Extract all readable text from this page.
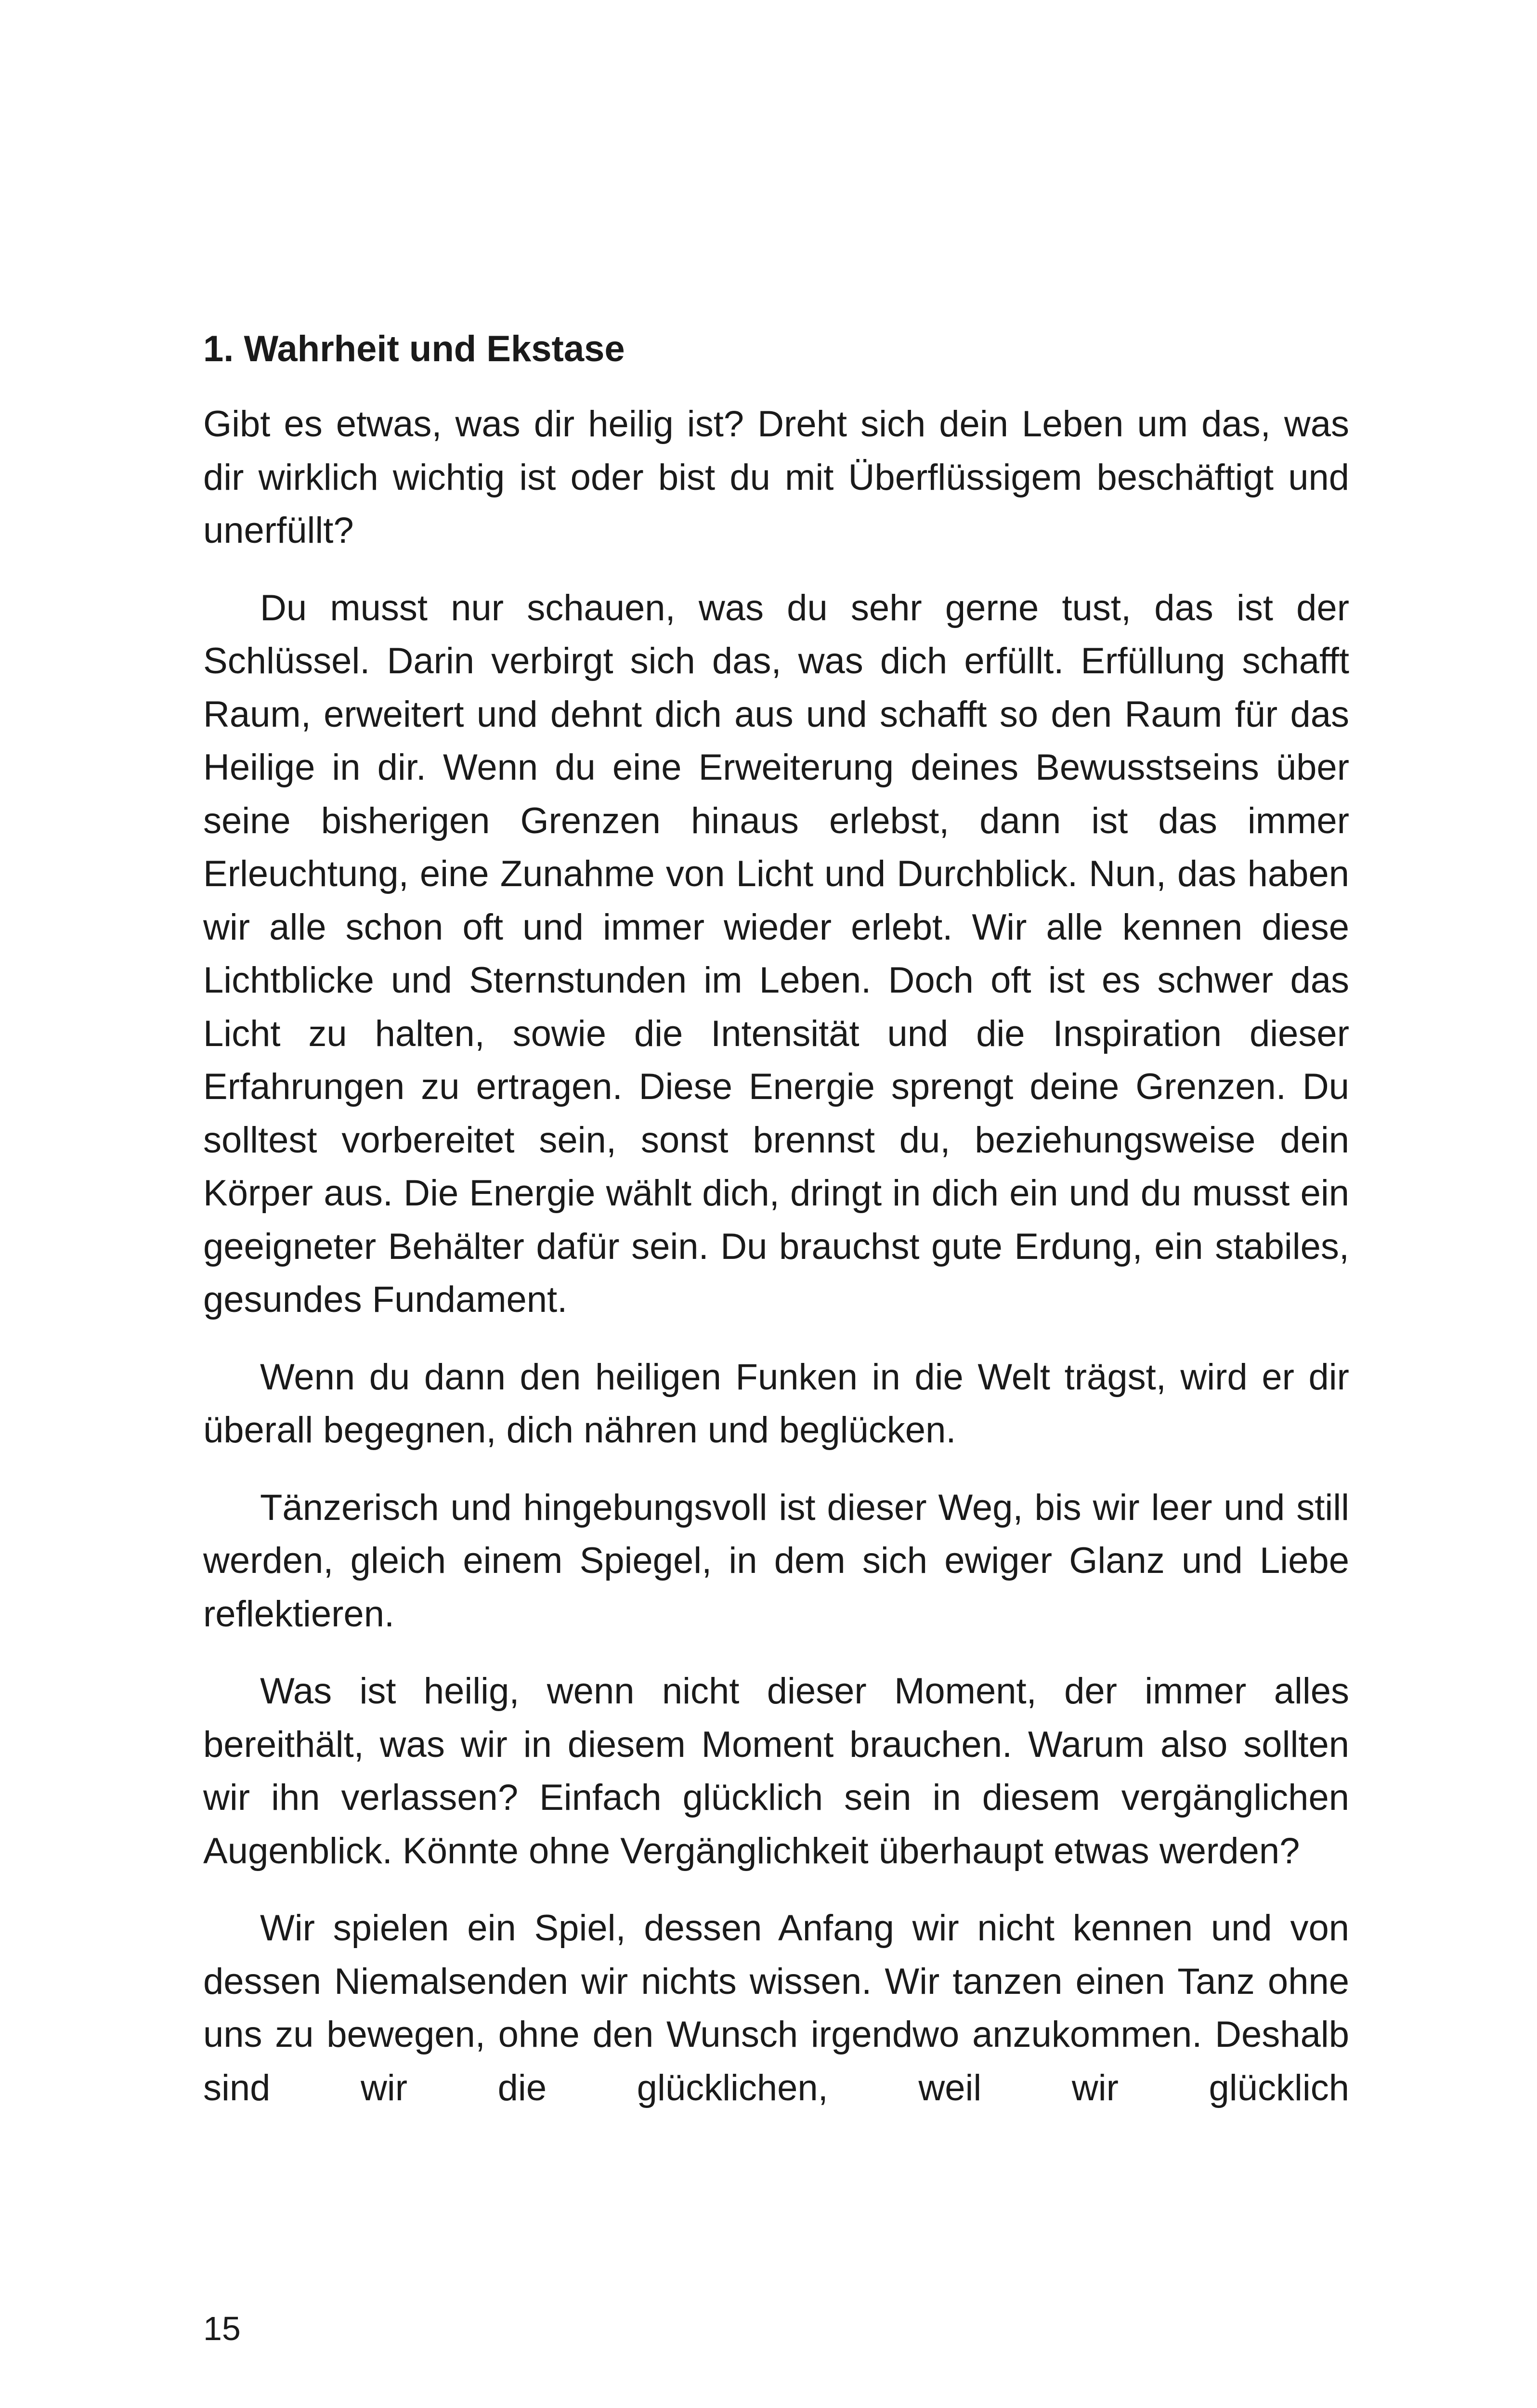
1. Wahrheit und Ekstase

Gibt es etwas, was dir heilig ist? Dreht sich dein Leben um das, was dir wirklich wichtig ist oder bist du mit Überflüssigem beschäftigt und unerfüllt?

Du musst nur schauen, was du sehr gerne tust, das ist der Schlüssel. Darin verbirgt sich das, was dich erfüllt. Erfüllung schafft Raum, erweitert und dehnt dich aus und schafft so den Raum für das Heilige in dir. Wenn du eine Erweiterung deines Bewusstseins über seine bisherigen Grenzen hinaus erlebst, dann ist das immer Erleuchtung, eine Zunahme von Licht und Durchblick. Nun, das haben wir alle schon oft und immer wieder erlebt. Wir alle kennen diese Lichtblicke und Sternstunden im Leben. Doch oft ist es schwer das Licht zu halten, sowie die Intensität und die Inspiration dieser Erfahrungen zu ertragen. Diese Energie sprengt deine Grenzen. Du solltest vorbereitet sein, sonst brennst du, beziehungsweise dein Körper aus. Die Energie wählt dich, dringt in dich ein und du musst ein geeigneter Behälter dafür sein. Du brauchst gute Erdung, ein stabiles, gesundes Fundament.

Wenn du dann den heiligen Funken in die Welt trägst, wird er dir überall begegnen, dich nähren und beglücken.

Tänzerisch und hingebungsvoll ist dieser Weg, bis wir leer und still werden, gleich einem Spiegel, in dem sich ewiger Glanz und Liebe reflektieren.

Was ist heilig, wenn nicht dieser Moment, der immer alles bereithält, was wir in diesem Moment brauchen. Warum also sollten wir ihn verlassen? Einfach glücklich sein in diesem vergänglichen Augenblick. Könnte ohne Vergänglichkeit überhaupt etwas werden?

Wir spielen ein Spiel, dessen Anfang wir nicht kennen und von dessen Niemalsenden wir nichts wissen. Wir tanzen einen Tanz ohne uns zu bewegen, ohne den Wunsch irgendwo anzukommen. Deshalb sind wir die glücklichen, weil wir glücklich

15
